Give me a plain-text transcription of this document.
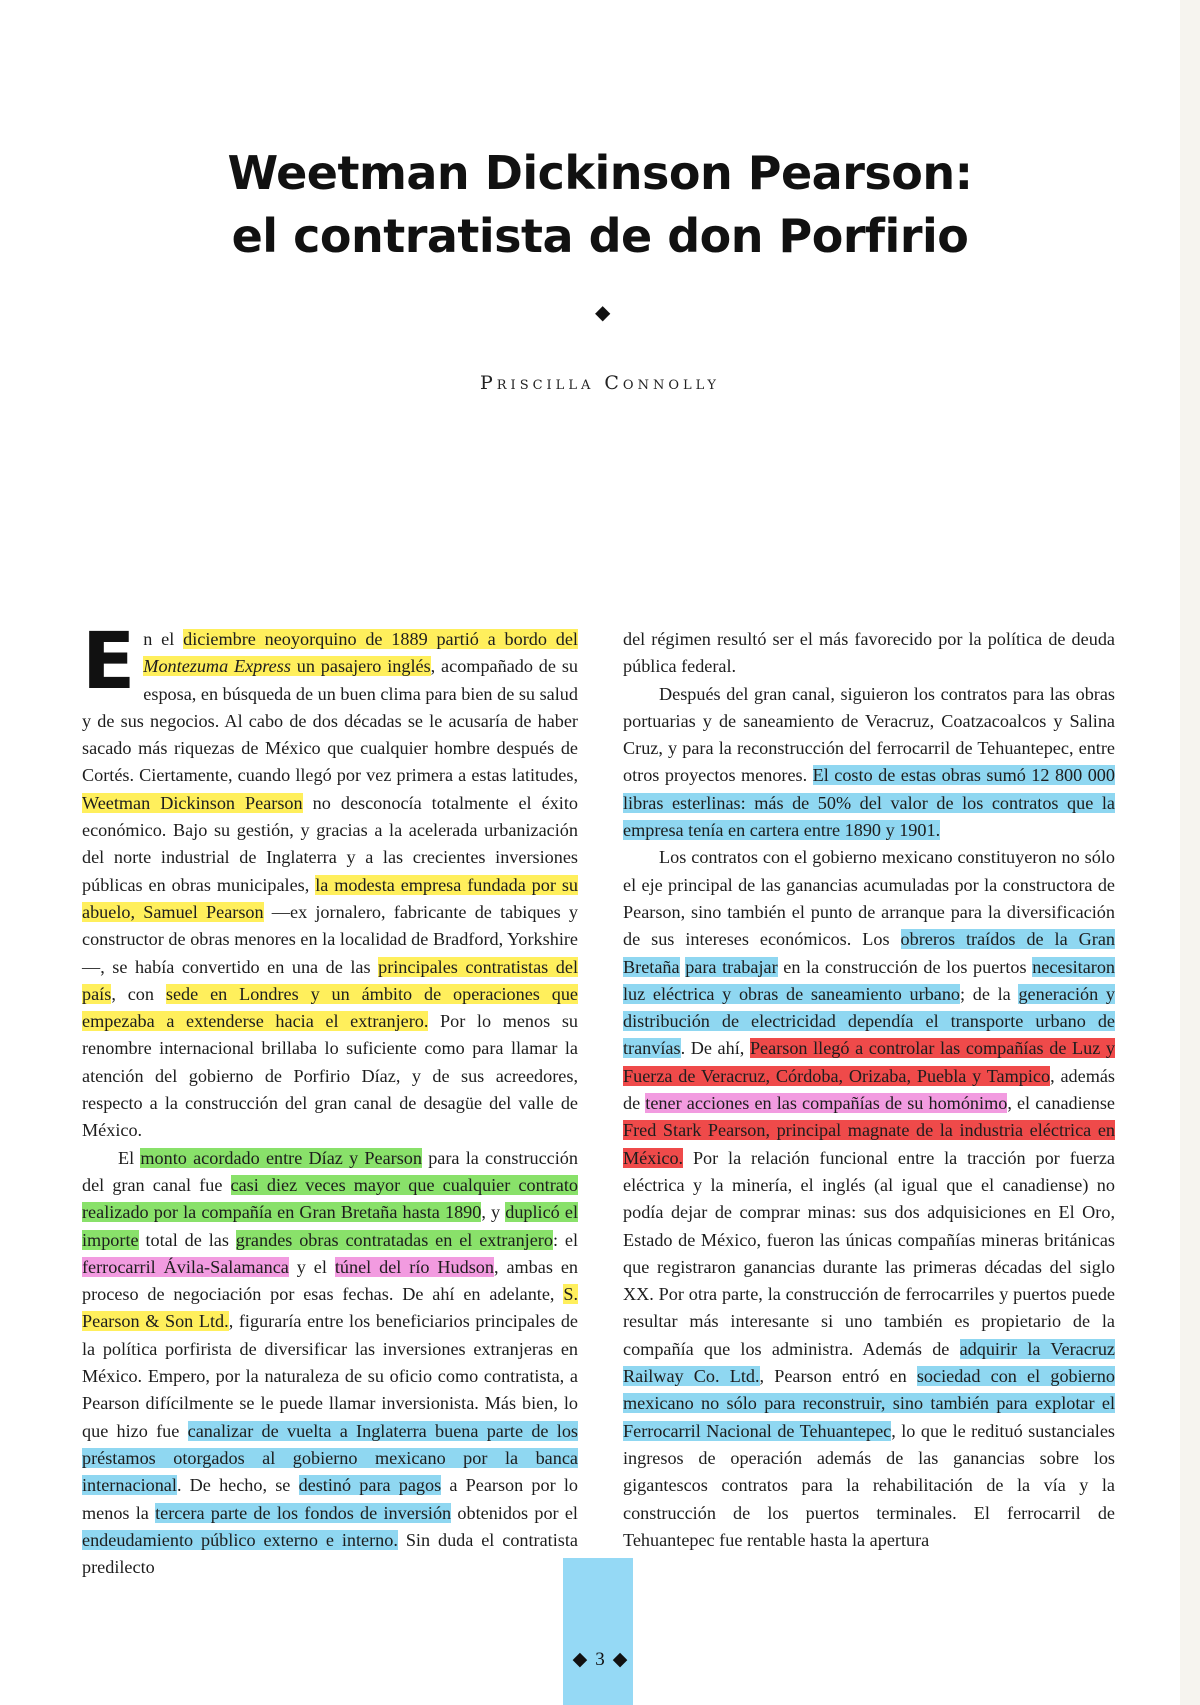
Weetman Dickinson Pearson:
el contratista de don Porfirio
◆
Priscilla Connolly

E n el diciembre neoyorquino de 1889 partió a bordo del Montezuma Express un pasajero inglés, acompañado de su esposa, en búsqueda de un buen clima para bien de su salud y de sus negocios. Al cabo de dos décadas se le acusaría de haber sacado más riquezas de México que cualquier hombre después de Cortés. Ciertamente, cuando llegó por vez primera a estas latitudes, Weetman Dickinson Pearson no desconocía totalmente el éxito económico. Bajo su gestión, y gracias a la acelerada urbanización del norte industrial de Inglaterra y a las crecientes inversiones públicas en obras municipales, la modesta empresa fundada por su abuelo, Samuel Pearson —ex jornalero, fabricante de tabiques y constructor de obras menores en la localidad de Bradford, Yorkshire—, se había convertido en una de las principales contratistas del país, con sede en Londres y un ámbito de operaciones que empezaba a extenderse hacia el extranjero. Por lo menos su renombre internacional brillaba lo suficiente como para llamar la atención del gobierno de Porfirio Díaz, y de sus acreedores, respecto a la construcción del gran canal de desagüe del valle de México.

El monto acordado entre Díaz y Pearson para la construcción del gran canal fue casi diez veces mayor que cualquier contrato realizado por la compañía en Gran Bretaña hasta 1890, y duplicó el importe total de las grandes obras contratadas en el extranjero: el ferrocarril Ávila-Salamanca y el túnel del río Hudson, ambas en proceso de negociación por esas fechas. De ahí en adelante, S. Pearson & Son Ltd., figuraría entre los beneficiarios principales de la política porfirista de diversificar las inversiones extranjeras en México. Empero, por la naturaleza de su oficio como contratista, a Pearson difícilmente se le puede llamar inversionista. Más bien, lo que hizo fue canalizar de vuelta a Inglaterra buena parte de los préstamos otorgados al gobierno mexicano por la banca internacional. De hecho, se destinó para pagos a Pearson por lo menos la tercera parte de los fondos de inversión obtenidos por el endeudamiento público externo e interno. Sin duda el contratista predilecto

del régimen resultó ser el más favorecido por la política de deuda pública federal.

Después del gran canal, siguieron los contratos para las obras portuarias y de saneamiento de Veracruz, Coatzacoalcos y Salina Cruz, y para la reconstrucción del ferrocarril de Tehuantepec, entre otros proyectos menores. El costo de estas obras sumó 12 800 000 libras esterlinas: más de 50% del valor de los contratos que la empresa tenía en cartera entre 1890 y 1901.

Los contratos con el gobierno mexicano constituyeron no sólo el eje principal de las ganancias acumuladas por la constructora de Pearson, sino también el punto de arranque para la diversificación de sus intereses económicos. Los obreros traídos de la Gran Bretaña para trabajar en la construcción de los puertos necesitaron luz eléctrica y obras de saneamiento urbano; de la generación y distribución de electricidad dependía el transporte urbano de tranvías. De ahí, Pearson llegó a controlar las compañías de Luz y Fuerza de Veracruz, Córdoba, Orizaba, Puebla y Tampico, además de tener acciones en las compañías de su homónimo, el canadiense Fred Stark Pearson, principal magnate de la industria eléctrica en México. Por la relación funcional entre la tracción por fuerza eléctrica y la minería, el inglés (al igual que el canadiense) no podía dejar de comprar minas: sus dos adquisiciones en El Oro, Estado de México, fueron las únicas compañías mineras británicas que registraron ganancias durante las primeras décadas del siglo XX. Por otra parte, la construcción de ferrocarriles y puertos puede resultar más interesante si uno también es propietario de la compañía que los administra. Además de adquirir la Veracruz Railway Co. Ltd., Pearson entró en sociedad con el gobierno mexicano no sólo para reconstruir, sino también para explotar el Ferrocarril Nacional de Tehuantepec, lo que le redituó sustanciales ingresos de operación además de las ganancias sobre los gigantescos contratos para la rehabilitación de la vía y la construcción de los puertos terminales. El ferrocarril de Tehuantepec fue rentable hasta la apertura

◆ 3 ◆
